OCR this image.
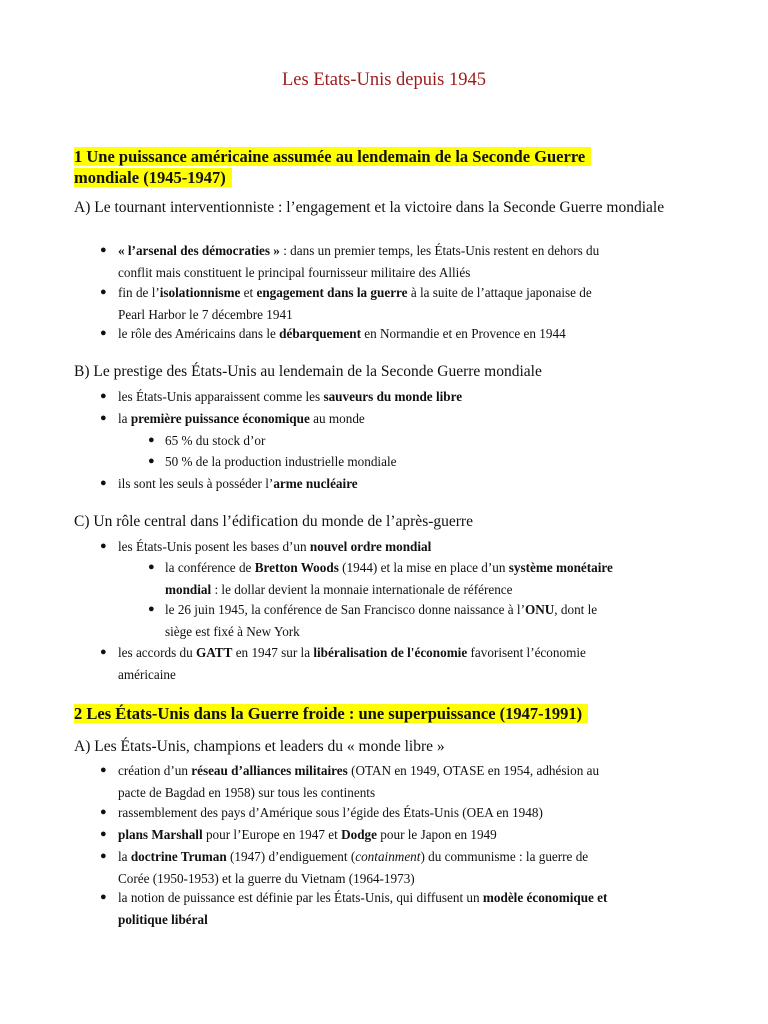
Les Etats-Unis depuis 1945
1 Une puissance américaine assumée au lendemain de la Seconde Guerre
mondiale (1945-1947)
A) Le tournant interventionniste : l’engagement et la victoire dans la Seconde Guerre mondiale
● « l’arsenal des démocraties » : dans un premier temps, les États-Unis restent en dehors du
conflit mais constituent le principal fournisseur militaire des Alliés
● fin de l’isolationnisme et engagement dans la guerre à la suite de l’attaque japonaise de
Pearl Harbor le 7 décembre 1941
● le rôle des Américains dans le débarquement en Normandie et en Provence en 1944
B) Le prestige des États-Unis au lendemain de la Seconde Guerre mondiale
● les États-Unis apparaissent comme les sauveurs du monde libre
● la première puissance économique au monde
● 65 % du stock d’or
● 50 % de la production industrielle mondiale
● ils sont les seuls à posséder l’arme nucléaire
C) Un rôle central dans l’édification du monde de l’après-guerre
● les États-Unis posent les bases d’un nouvel ordre mondial
● la conférence de Bretton Woods (1944) et la mise en place d’un système monétaire
mondial : le dollar devient la monnaie internationale de référence
● le 26 juin 1945, la conférence de San Francisco donne naissance à l’ONU, dont le
siège est fixé à New York
● les accords du GATT en 1947 sur la libéralisation de l'économie favorisent l’économie
américaine
2 Les États-Unis dans la Guerre froide : une superpuissance (1947-1991)
A) Les États-Unis, champions et leaders du « monde libre »
● création d’un réseau d’alliances militaires (OTAN en 1949, OTASE en 1954, adhésion au
pacte de Bagdad en 1958) sur tous les continents
● rassemblement des pays d’Amérique sous l’égide des États-Unis (OEA en 1948)
● plans Marshall pour l’Europe en 1947 et Dodge pour le Japon en 1949
● la doctrine Truman (1947) d’endiguement (containment) du communisme : la guerre de
Corée (1950-1953) et la guerre du Vietnam (1964-1973)
● la notion de puissance est définie par les États-Unis, qui diffusent un modèle économique et
politique libéral
